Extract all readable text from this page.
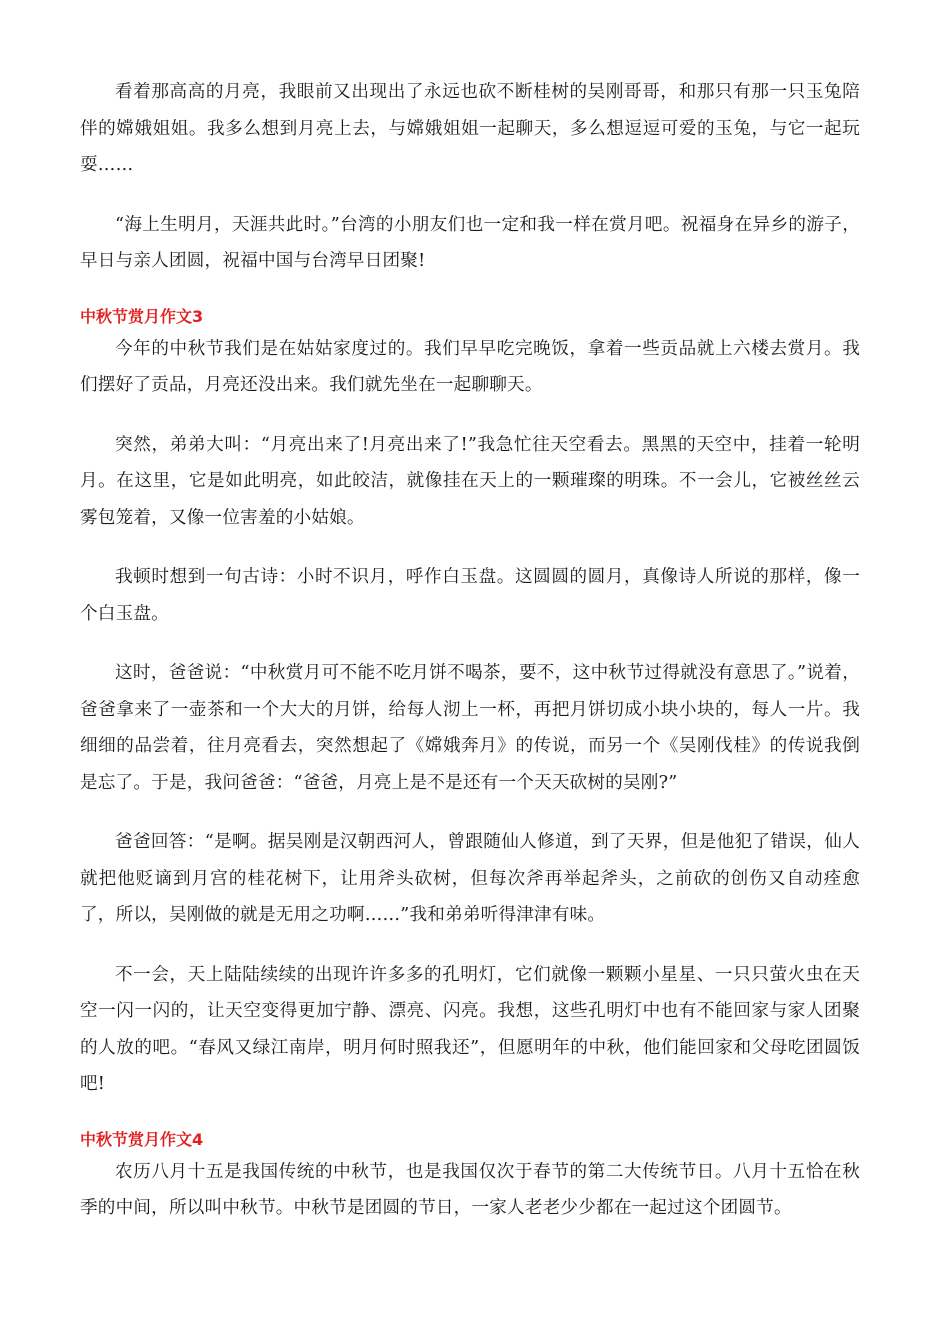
看着那高高的月亮，我眼前又出现出了永远也砍不断桂树的吴刚哥哥，和那只有那一只玉兔陪伴的嫦娥姐姐。我多么想到月亮上去，与嫦娥姐姐一起聊天，多么想逗逗可爱的玉兔，与它一起玩耍……

“海上生明月，天涯共此时。”台湾的小朋友们也一定和我一样在赏月吧。祝福身在异乡的游子，早日与亲人团圆，祝福中国与台湾早日团聚!

中秋节赏月作文3

今年的中秋节我们是在姑姑家度过的。我们早早吃完晚饭，拿着一些贡品就上六楼去赏月。我们摆好了贡品，月亮还没出来。我们就先坐在一起聊聊天。

突然，弟弟大叫：“月亮出来了!月亮出来了!”我急忙往天空看去。黑黑的天空中，挂着一轮明月。在这里，它是如此明亮，如此皎洁，就像挂在天上的一颗璀璨的明珠。不一会儿，它被丝丝云雾包笼着，又像一位害羞的小姑娘。

我顿时想到一句古诗：小时不识月，呼作白玉盘。这圆圆的圆月，真像诗人所说的那样，像一个白玉盘。

这时，爸爸说：“中秋赏月可不能不吃月饼不喝茶，要不，这中秋节过得就没有意思了。”说着，爸爸拿来了一壶茶和一个大大的月饼，给每人沏上一杯，再把月饼切成小块小块的，每人一片。我细细的品尝着，往月亮看去，突然想起了《嫦娥奔月》的传说，而另一个《吴刚伐桂》的传说我倒是忘了。于是，我问爸爸：“爸爸，月亮上是不是还有一个天天砍树的吴刚?”

爸爸回答：“是啊。据吴刚是汉朝西河人，曾跟随仙人修道，到了天界，但是他犯了错误，仙人就把他贬谪到月宫的桂花树下，让用斧头砍树，但每次斧再举起斧头，之前砍的创伤又自动痊愈了，所以，吴刚做的就是无用之功啊……”我和弟弟听得津津有味。

不一会，天上陆陆续续的出现许许多多的孔明灯，它们就像一颗颗小星星、一只只萤火虫在天空一闪一闪的，让天空变得更加宁静、漂亮、闪亮。我想，这些孔明灯中也有不能回家与家人团聚的人放的吧。“春风又绿江南岸，明月何时照我还”，但愿明年的中秋，他们能回家和父母吃团圆饭吧!

中秋节赏月作文4

农历八月十五是我国传统的中秋节，也是我国仅次于春节的第二大传统节日。八月十五恰在秋季的中间，所以叫中秋节。中秋节是团圆的节日，一家人老老少少都在一起过这个团圆节。
